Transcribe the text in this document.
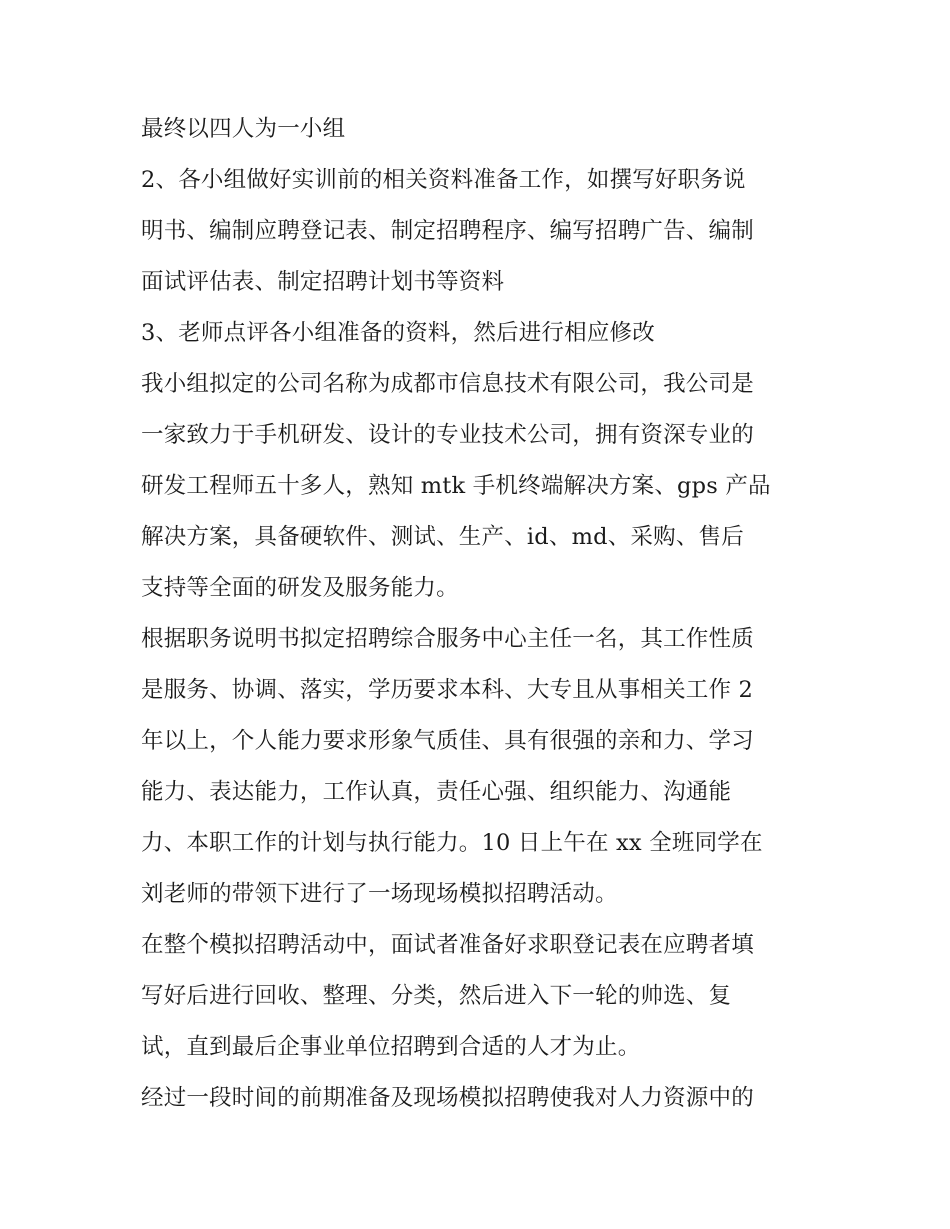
最终以四人为一小组
2、各小组做好实训前的相关资料准备工作，如撰写好职务说
明书、编制应聘登记表、制定招聘程序、编写招聘广告、编制
面试评估表、制定招聘计划书等资料
3、老师点评各小组准备的资料，然后进行相应修改
我小组拟定的公司名称为成都市信息技术有限公司，我公司是
一家致力于手机研发、设计的专业技术公司，拥有资深专业的
研发工程师五十多人，熟知 mtk 手机终端解决方案、gps 产品
解决方案，具备硬软件、测试、生产、id、md、采购、售后
支持等全面的研发及服务能力。
根据职务说明书拟定招聘综合服务中心主任一名，其工作性质
是服务、协调、落实，学历要求本科、大专且从事相关工作 2
年以上，个人能力要求形象气质佳、具有很强的亲和力、学习
能力、表达能力，工作认真，责任心强、组织能力、沟通能
力、本职工作的计划与执行能力。10 日上午在 xx 全班同学在
刘老师的带领下进行了一场现场模拟招聘活动。
在整个模拟招聘活动中，面试者准备好求职登记表在应聘者填
写好后进行回收、整理、分类，然后进入下一轮的帅选、复
试，直到最后企事业单位招聘到合适的人才为止。
经过一段时间的前期准备及现场模拟招聘使我对人力资源中的
